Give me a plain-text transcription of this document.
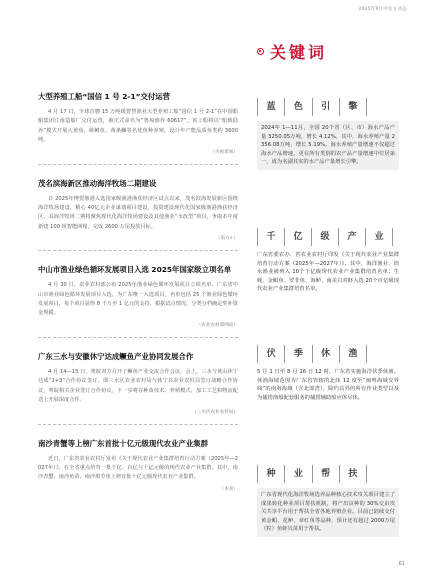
2025年6月中旬 | 动态
大型养殖工船“国信 1 号 2-1”交付运营

4 月 17 日，全球首艘 15 万吨级智慧渔业大型养殖工船“国信 1 号 2-1”在中国船舶集团江南造船厂交付运营，被正式命名为“鲁琼渔养 60617”。该工船将以“船载陆养”模式开展大黄鱼、鲑鳟鱼、黄条鰤等名优鱼种养殖，设计年产能品质鱼类约 3600吨。

（央视新闻）
茂名滨海新区推动海洋牧场二期建设

日 2025年博贺渔港入选国家级渔港渔获经济区试点以来，茂名滨海发展新区围绕海洋牧场建设，精心 40亿元企业谋划项目建设，投资建设现代化国家级渔港渔获经济区，其海洋牧场二期将聚焦现代化海洋牧场建设及其他渔业“水改型”项目，争取本年度新建 100 组智能网箱，完成 2600 万尾投放目标。

（南方+）
中山市渔业绿色循环发展项目入选 2025年国家级立项名单

4 月 30 日，农业农村部公布 2025年渔业绿色循环发展项目立项名单，广东省中山市渔业绿色循环发展项目入选，为广东唯一入选项目。名单包括 25 个渔业绿色循环发展项目，每个项目获得 8 千万至 1 亿元的支持。根据试点情况，分类分档确定奖补资金规模。

（农业农村部网站）
广东三水与安徽休宁达成鳜鱼产业协同发展合作

4 月 14—15 日，粤皖双方召开了鳜鱼产业交流合作会议，会上，三水与黄山休宁达成“1+3”合作协议签订，即三水区农业农村局与休宁县农业农村局签订战略合作协议，粤皖相关企业签订合作协议，下一步将在种苗技术、养殖模式、加工工艺和物流配送上开展深度合作。

（三水区农业农村局）
南沙青蟹等上榜广东首批十亿元级现代农业产业集群

近日，广东省农业农村厅发布《关于现代农业产业集群培育行动方案（2025年—2027年）》，在全省重点培育一批千亿、百亿与十亿元级的现代农业产业集群。其中，南沙青蟹、南沙鱼苗、南沙斑节鱼上榜首批十亿元级现代农业产业集群。

（本刊）
关键词
蓝	色	引	擎

2024年 1—11月，全国 20个省（区、市）海水产品产量 3250.05万吨，增长 4.12%，其中，海水养殖产量 2356.08万吨，增长 5.19%。海水养殖产量增速不仅超过海水产品增速，更在所有类别的农产品产量增速中位居第一，成为名副其实的水产品产量增长引擎。

千	亿	级	产	业

广东省委农办、省农业农村厅印发《关于现代农业产业集群培育行动方案（2025年—2027年）》。其中，海洋渔业、淡水渔业被列入 10个千亿级现代农业产业集群培育名单；生蚝、金鲳鱼、罗非鱼、海鲈、南美白对虾入选 20个百亿级现代农业产业集群培育名单。

伏	季	休	渔

5 月 1 日至 8 月 16 日 12 时，广东省实施海洋伏季休渔。休渔海域范围为广东省管辖的北纬 12 度至“闽粤海域交界线”的南海海域（含北部湾），除钓具外的所有作业类型以及为捕捞渔船配套服务的捕捞辅助船应休尽休。

种	业	帮	扶

广东省现代化海洋牧场选养品种核心技术攻关项目建立了成果转化种业项目帮扶机制，将产出良种的 30%交由攻关共享平台用于帮扶全省各地养殖企业。目前已陆续交付黄金鲳、花鲈、章红鱼等品种，预计还有超过 2000万尾（粒）鱼虾贝苗用于帮扶。

61
